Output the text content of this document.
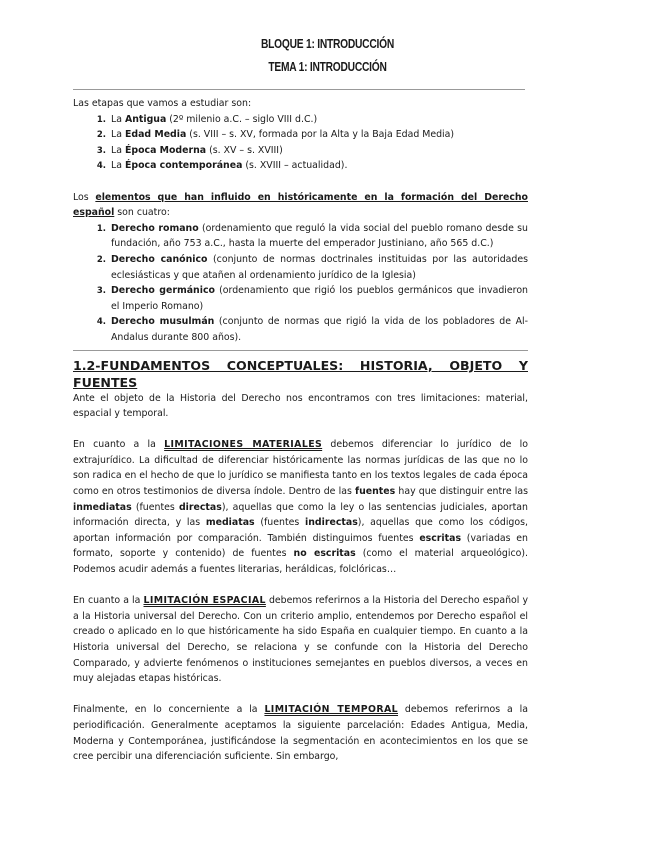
BLOQUE 1: INTRODUCCIÓN
TEMA 1: INTRODUCCIÓN

Las etapas que vamos a estudiar son:

1. La Antigua (2º milenio a.C. – siglo VIII d.C.)
2. La Edad Media (s. VIII – s. XV, formada por la Alta y la Baja Edad Media)
3. La Época Moderna (s. XV – s. XVIII)
4. La Época contemporánea (s. XVIII – actualidad).

Los elementos que han influido en históricamente en la formación del Derecho español son cuatro:

1. Derecho romano (ordenamiento que reguló la vida social del pueblo romano desde su fundación, año 753 a.C., hasta la muerte del emperador Justiniano, año 565 d.C.)
2. Derecho canónico (conjunto de normas doctrinales instituidas por las autoridades eclesiásticas y que atañen al ordenamiento jurídico de la Iglesia)
3. Derecho germánico (ordenamiento que rigió los pueblos germánicos que invadieron el Imperio Romano)
4. Derecho musulmán (conjunto de normas que rigió la vida de los pobladores de Al-Andalus durante 800 años).
1.2-FUNDAMENTOS CONCEPTUALES: HISTORIA, OBJETO Y FUENTES

Ante el objeto de la Historia del Derecho nos encontramos con tres limitaciones: material, espacial y temporal.

En cuanto a la LIMITACIONES MATERIALES debemos diferenciar lo jurídico de lo extrajurídico. La dificultad de diferenciar históricamente las normas jurídicas de las que no lo son radica en el hecho de que lo jurídico se manifiesta tanto en los textos legales de cada época como en otros testimonios de diversa índole. Dentro de las fuentes hay que distinguir entre las inmediatas (fuentes directas), aquellas que como la ley o las sentencias judiciales, aportan información directa, y las mediatas (fuentes indirectas), aquellas que como los códigos, aportan información por comparación. También distinguimos fuentes escritas (variadas en formato, soporte y contenido) de fuentes no escritas (como el material arqueológico). Podemos acudir además a fuentes literarias, heráldicas, folclóricas…

En cuanto a la LIMITACIÓN ESPACIAL debemos referirnos a la Historia del Derecho español y a la Historia universal del Derecho. Con un criterio amplio, entendemos por Derecho español el creado o aplicado en lo que históricamente ha sido España en cualquier tiempo. En cuanto a la Historia universal del Derecho, se relaciona y se confunde con la Historia del Derecho Comparado, y advierte fenómenos o instituciones semejantes en pueblos diversos, a veces en muy alejadas etapas históricas.

Finalmente, en lo concerniente a la LIMITACIÓN TEMPORAL debemos referirnos a la periodificación. Generalmente aceptamos la siguiente parcelación: Edades Antigua, Media, Moderna y Contemporánea, justificándose la segmentación en acontecimientos en los que se cree percibir una diferenciación suficiente. Sin embargo,
